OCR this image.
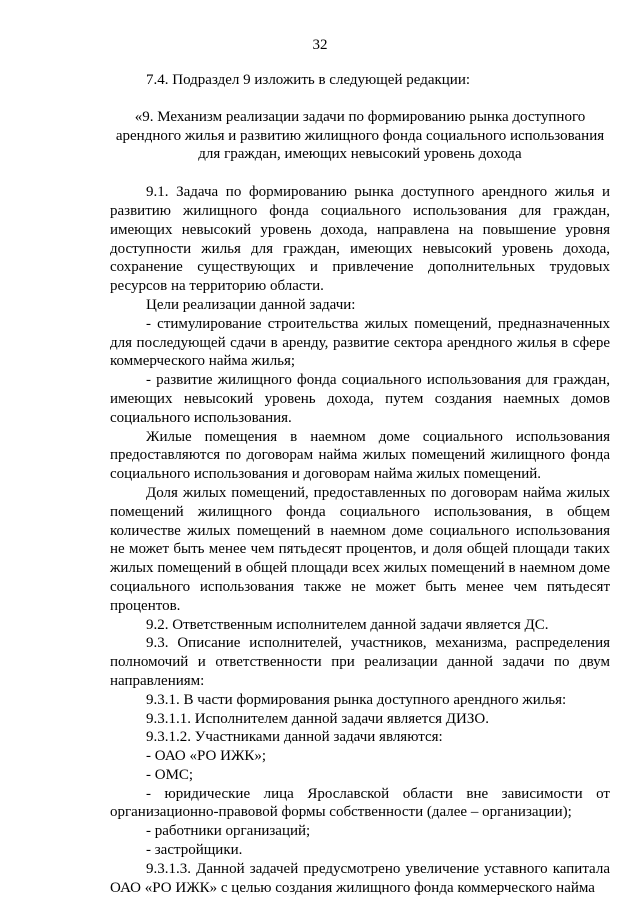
32

7.4. Подраздел 9 изложить в следующей редакции:

«9. Механизм реализации задачи по формированию рынка доступного арендного жилья и развитию жилищного фонда социального использования для граждан, имеющих невысокий уровень дохода

9.1. Задача по формированию рынка доступного арендного жилья и развитию жилищного фонда социального использования для граждан, имеющих невысокий уровень дохода, направлена на повышение уровня доступности жилья для граждан, имеющих невысокий уровень дохода, сохранение существующих и привлечение дополнительных трудовых ресурсов на территорию области.

Цели реализации данной задачи:

- стимулирование строительства жилых помещений, предназначенных для последующей сдачи в аренду, развитие сектора арендного жилья в сфере коммерческого найма жилья;

- развитие жилищного фонда социального использования для граждан, имеющих невысокий уровень дохода, путем создания наемных домов социального использования.

Жилые помещения в наемном доме социального использования предоставляются по договорам найма жилых помещений жилищного фонда социального использования и договорам найма жилых помещений.

Доля жилых помещений, предоставленных по договорам найма жилых помещений жилищного фонда социального использования, в общем количестве жилых помещений в наемном доме социального использования не может быть менее чем пятьдесят процентов, и доля общей площади таких жилых помещений в общей площади всех жилых помещений в наемном доме социального использования также не может быть менее чем пятьдесят процентов.

9.2. Ответственным исполнителем данной задачи является ДС.

9.3. Описание исполнителей, участников, механизма, распределения полномочий и ответственности при реализации данной задачи по двум направлениям:

9.3.1. В части формирования рынка доступного арендного жилья:

9.3.1.1. Исполнителем данной задачи является ДИЗО.

9.3.1.2. Участниками данной задачи являются:

- ОАО «РО ИЖК»;

- ОМС;

- юридические лица Ярославской области вне зависимости от организационно-правовой формы собственности (далее – организации);

- работники организаций;

- застройщики.

9.3.1.3. Данной задачей предусмотрено увеличение уставного капитала ОАО «РО ИЖК» с целью создания жилищного фонда коммерческого найма
